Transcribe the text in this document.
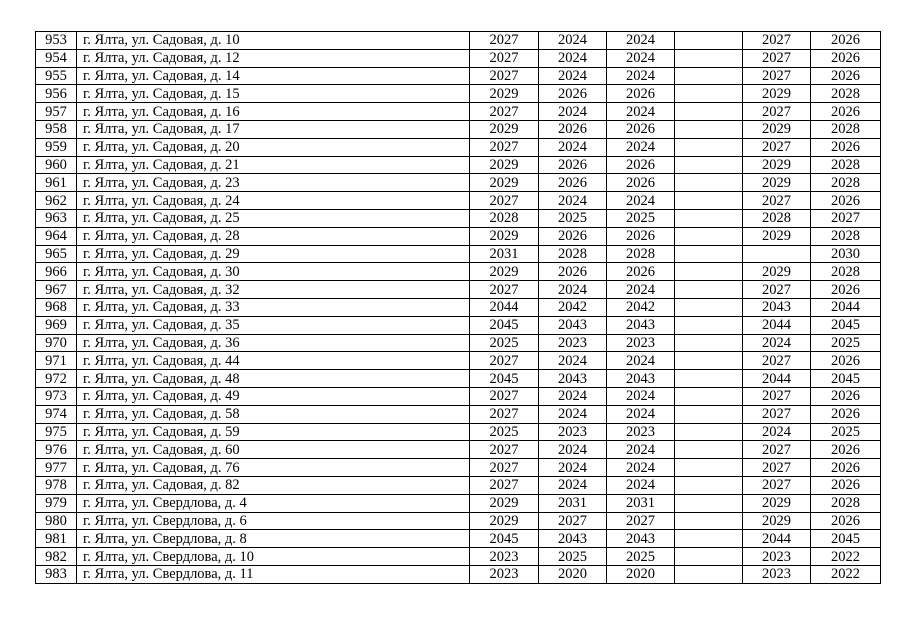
953	г. Ялта, ул. Садовая, д. 10	2027	2024	2024		2027	2026
954	г. Ялта, ул. Садовая, д. 12	2027	2024	2024		2027	2026
955	г. Ялта, ул. Садовая, д. 14	2027	2024	2024		2027	2026
956	г. Ялта, ул. Садовая, д. 15	2029	2026	2026		2029	2028
957	г. Ялта, ул. Садовая, д. 16	2027	2024	2024		2027	2026
958	г. Ялта, ул. Садовая, д. 17	2029	2026	2026		2029	2028
959	г. Ялта, ул. Садовая, д. 20	2027	2024	2024		2027	2026
960	г. Ялта, ул. Садовая, д. 21	2029	2026	2026		2029	2028
961	г. Ялта, ул. Садовая, д. 23	2029	2026	2026		2029	2028
962	г. Ялта, ул. Садовая, д. 24	2027	2024	2024		2027	2026
963	г. Ялта, ул. Садовая, д. 25	2028	2025	2025		2028	2027
964	г. Ялта, ул. Садовая, д. 28	2029	2026	2026		2029	2028
965	г. Ялта, ул. Садовая, д. 29	2031	2028	2028			2030
966	г. Ялта, ул. Садовая, д. 30	2029	2026	2026		2029	2028
967	г. Ялта, ул. Садовая, д. 32	2027	2024	2024		2027	2026
968	г. Ялта, ул. Садовая, д. 33	2044	2042	2042		2043	2044
969	г. Ялта, ул. Садовая, д. 35	2045	2043	2043		2044	2045
970	г. Ялта, ул. Садовая, д. 36	2025	2023	2023		2024	2025
971	г. Ялта, ул. Садовая, д. 44	2027	2024	2024		2027	2026
972	г. Ялта, ул. Садовая, д. 48	2045	2043	2043		2044	2045
973	г. Ялта, ул. Садовая, д. 49	2027	2024	2024		2027	2026
974	г. Ялта, ул. Садовая, д. 58	2027	2024	2024		2027	2026
975	г. Ялта, ул. Садовая, д. 59	2025	2023	2023		2024	2025
976	г. Ялта, ул. Садовая, д. 60	2027	2024	2024		2027	2026
977	г. Ялта, ул. Садовая, д. 76	2027	2024	2024		2027	2026
978	г. Ялта, ул. Садовая, д. 82	2027	2024	2024		2027	2026
979	г. Ялта, ул. Свердлова, д. 4	2029	2031	2031		2029	2028
980	г. Ялта, ул. Свердлова, д. 6	2029	2027	2027		2029	2026
981	г. Ялта, ул. Свердлова, д. 8	2045	2043	2043		2044	2045
982	г. Ялта, ул. Свердлова, д. 10	2023	2025	2025		2023	2022
983	г. Ялта, ул. Свердлова, д. 11	2023	2020	2020		2023	2022
